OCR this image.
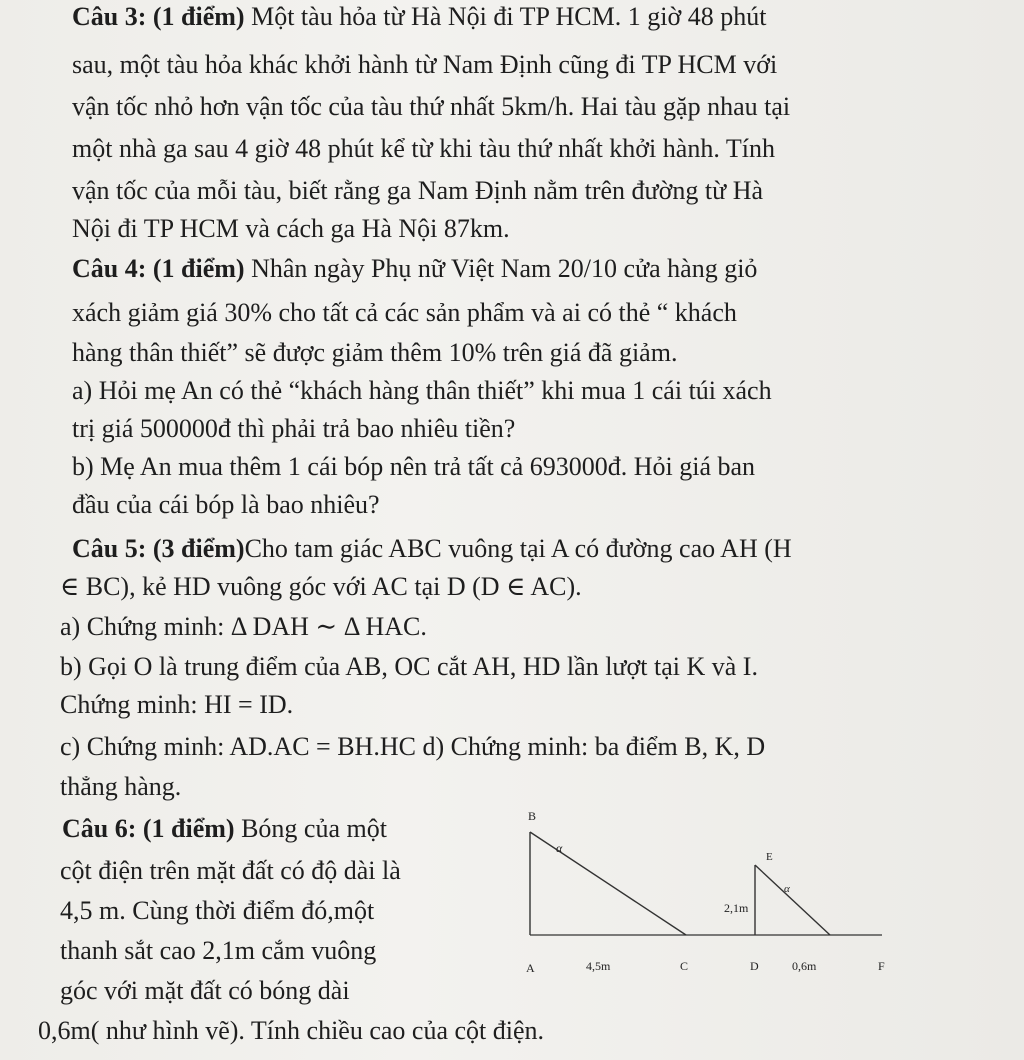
Câu 3: (1 điểm) Một tàu hỏa từ Hà Nội đi TP HCM. 1 giờ 48 phút
sau, một tàu hỏa khác khởi hành từ Nam Định cũng đi TP HCM với
vận tốc nhỏ hơn vận tốc của tàu thứ nhất 5km/h. Hai tàu gặp nhau tại
một nhà ga sau 4 giờ 48 phút kể từ khi tàu thứ nhất khởi hành. Tính
vận tốc của mỗi tàu, biết rằng ga Nam Định nằm trên đường từ Hà
Nội đi TP HCM và cách ga Hà Nội 87km.
Câu 4: (1 điểm) Nhân ngày Phụ nữ Việt Nam 20/10 cửa hàng giỏ
xách giảm giá 30% cho tất cả các sản phẩm và ai có thẻ “ khách
hàng thân thiết” sẽ được giảm thêm 10% trên giá đã giảm.
a) Hỏi mẹ An có thẻ “khách hàng thân thiết” khi mua 1 cái túi xách
trị giá 500000đ thì phải trả bao nhiêu tiền?
b) Mẹ An mua thêm 1 cái bóp nên trả tất cả 693000đ. Hỏi giá ban
đầu của cái bóp là bao nhiêu?
Câu 5: (3 điểm)Cho tam giác ABC vuông tại A có đường cao AH (H
∈ BC), kẻ HD vuông góc với AC tại D (D ∈ AC).
a) Chứng minh: Δ DAH ∼ Δ HAC.
b) Gọi O là trung điểm của AB, OC cắt AH, HD lần lượt tại K và I.
Chứng minh: HI = ID.
c) Chứng minh: AD.AC = BH.HC d) Chứng minh: ba điểm B, K, D
thẳng hàng.
Câu 6: (1 điểm) Bóng của một
cột điện trên mặt đất có độ dài là
4,5 m. Cùng thời điểm đó,một
thanh sắt cao 2,1m cắm vuông
góc với mặt đất có bóng dài
0,6m( như hình vẽ). Tính chiều cao của cột điện.
B
E
α
α
2,1m
A	4,5m	C	D	0,6m	F
